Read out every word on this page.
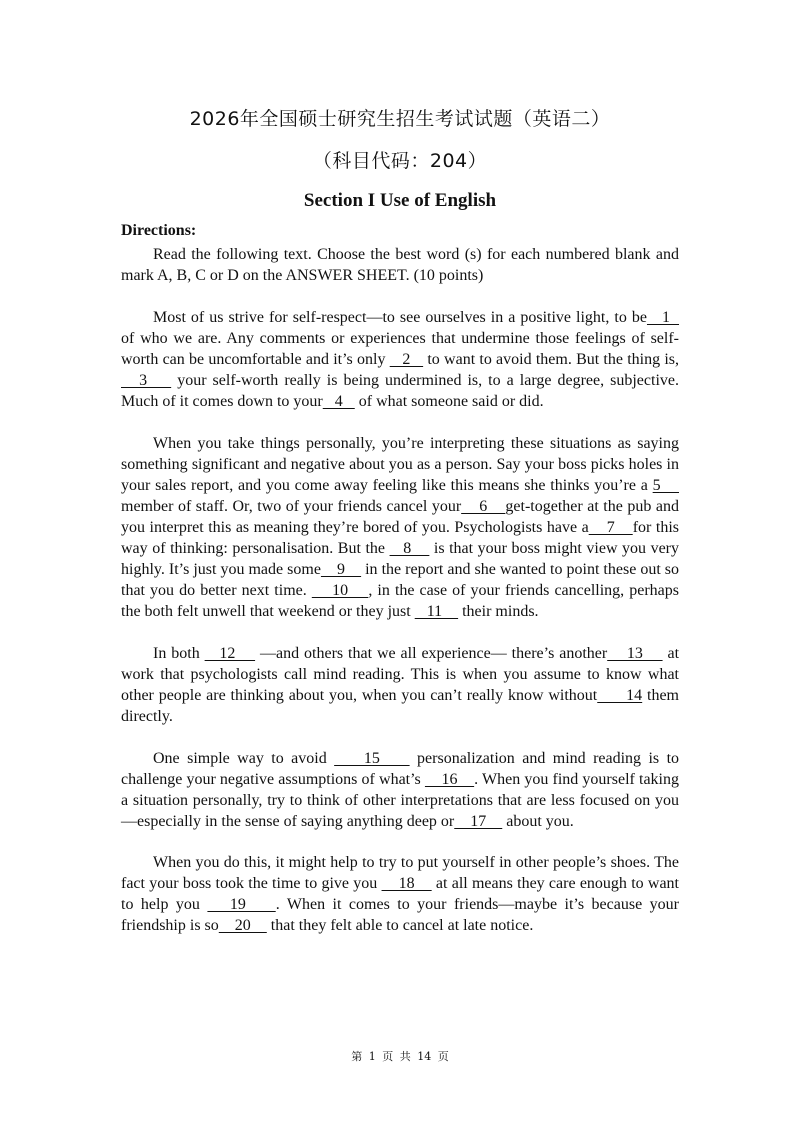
2026年全国硕士研究生招生考试试题（英语二）
（科目代码：204）
Section I Use of English
Directions:

Read the following text. Choose the best word (s) for each numbered blank and mark A, B, C or D on the ANSWER SHEET. (10 points)

Most of us strive for self-respect—to see ourselves in a positive light, to be   1   of who we are. Any comments or experiences that undermine those feelings of self-worth can be uncomfortable and it’s only    2    to want to avoid them. But the thing is,    3     your self-worth really is being undermined is, to a large degree, subjective. Much of it comes down to your   4    of what someone said or did.

When you take things personally, you’re interpreting these situations as saying something significant and negative about you as a person. Say your boss picks holes in your sales report, and you come away feeling like this means she thinks you’re a 5     member of staff. Or, two of your friends cancel your    6    get-together at the pub and you interpret this as meaning they’re bored of you. Psychologists have a    7    for this way of thinking: personalisation. But the    8     is that your boss might view you very highly. It’s just you made some    9     in the report and she wanted to point these out so that you do better next time.     10    , in the case of your friends cancelling, perhaps the both felt unwell that weekend or they just    11     their minds.

In both    12     —and others that we all experience— there’s another    13     at work that psychologists call mind reading. This is when you assume to know what other people are thinking about you, when you can’t really know without      14 them directly.

One simple way to avoid     15     personalization and mind reading is to challenge your negative assumptions of what’s     16    . When you find yourself taking a situation personally, try to think of other interpretations that are less focused on you—especially in the sense of saying anything deep or    17     about you.

When you do this, it might help to try to put yourself in other people’s shoes. The fact your boss took the time to give you     18     at all means they care enough to want to help you    19    . When it comes to your friends—maybe it’s because your friendship is so    20     that they felt able to cancel at late notice.

第 1 页 共 14 页
